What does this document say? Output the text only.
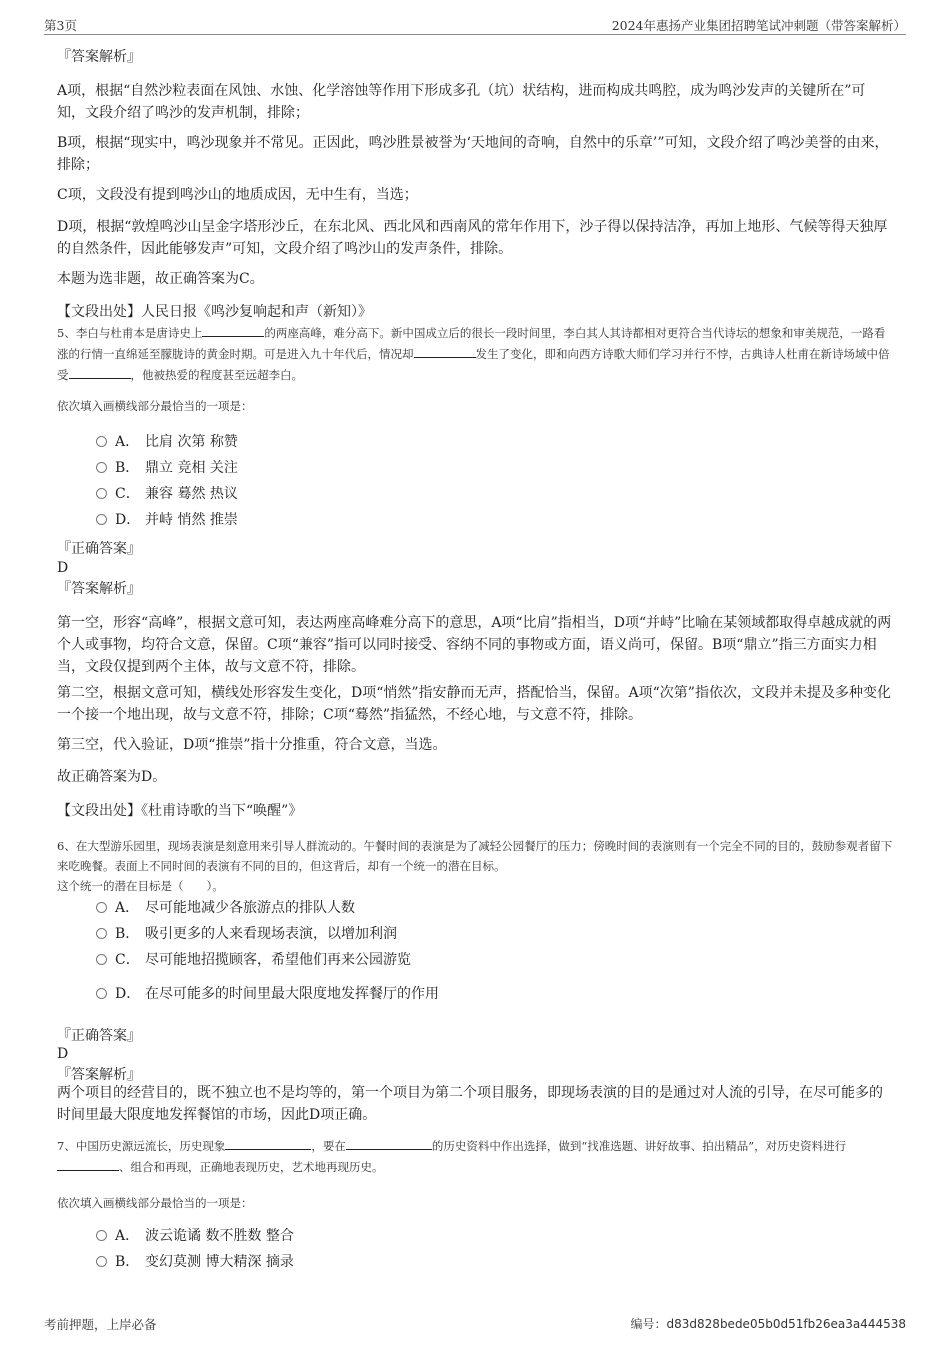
第3页	2024年惠扬产业集团招聘笔试冲刺题（带答案解析）
『答案解析』
A项，根据“自然沙粒表面在风蚀、水蚀、化学溶蚀等作用下形成多孔（坑）状结构，进而构成共鸣腔，成为鸣沙发声的关键所在”可知，文段介绍了鸣沙的发声机制，排除；
B项，根据“现实中，鸣沙现象并不常见。正因此，鸣沙胜景被誉为‘天地间的奇响，自然中的乐章’”可知，文段介绍了鸣沙美誉的由来，排除；
C项，文段没有提到鸣沙山的地质成因，无中生有，当选；
D项，根据“敦煌鸣沙山呈金字塔形沙丘，在东北风、西北风和西南风的常年作用下，沙子得以保持洁净，再加上地形、气候等得天独厚的自然条件，因此能够发声”可知，文段介绍了鸣沙山的发声条件，排除。
本题为选非题，故正确答案为C。
【文段出处】人民日报《鸣沙复响起和声（新知）》
5、李白与杜甫本是唐诗史上	的两座高峰，难分高下。新中国成立后的很长一段时间里，李白其人其诗都相对更符合当代诗坛的想象和审美规范，一路看涨的行情一直绵延至朦胧诗的黄金时期。可是进入九十年代后，情况却	发生了变化，即和向西方诗歌大师们学习并行不悖，古典诗人杜甫在新诗场域中倍受	，他被热爱的程度甚至远超李白。
依次填入画横线部分最恰当的一项是：
A． 比肩 次第 称赞
B． 鼎立 竞相 关注
C． 兼容 蓦然 热议
D． 并峙 悄然 推崇
『正确答案』
D
『答案解析』
第一空，形容“高峰”，根据文意可知，表达两座高峰难分高下的意思，A项“比肩”指相当，D项“并峙”比喻在某领域都取得卓越成就的两个人或事物，均符合文意，保留。C项“兼容”指可以同时接受、容纳不同的事物或方面，语义尚可，保留。B项“鼎立”指三方面实力相当，文段仅提到两个主体，故与文意不符，排除。
第二空，根据文意可知，横线处形容发生变化，D项“悄然”指安静而无声，搭配恰当，保留。A项“次第”指依次，文段并未提及多种变化一个接一个地出现，故与文意不符，排除；C项“蓦然”指猛然，不经心地，与文意不符，排除。
第三空，代入验证，D项“推崇”指十分推重，符合文意，当选。
故正确答案为D。
【文段出处】《杜甫诗歌的当下“唤醒”》
6、在大型游乐园里，现场表演是刻意用来引导人群流动的。午餐时间的表演是为了减轻公园餐厅的压力；傍晚时间的表演则有一个完全不同的目的，鼓励参观者留下来吃晚餐。表面上不同时间的表演有不同的目的，但这背后，却有一个统一的潜在目标。
这个统一的潜在目标是（　　）。
A． 尽可能地减少各旅游点的排队人数
B． 吸引更多的人来看现场表演，以增加利润
C． 尽可能地招揽顾客，希望他们再来公园游览
D． 在尽可能多的时间里最大限度地发挥餐厅的作用
『正确答案』
D
『答案解析』
两个项目的经营目的，既不独立也不是均等的，第一个项目为第二个项目服务，即现场表演的目的是通过对人流的引导，在尽可能多的时间里最大限度地发挥餐馆的市场，因此D项正确。
7、中国历史源远流长，历史现象	，要在	的历史资料中作出选择，做到“找准选题、讲好故事、拍出精品”，对历史资料进行、组合和再现，正确地表现历史，艺术地再现历史。
依次填入画横线部分最恰当的一项是：
A． 波云诡谲 数不胜数 整合
B． 变幻莫测 博大精深 摘录
考前押题，上岸必备	编号：d83d828bede05b0d51fb26ea3a444538
